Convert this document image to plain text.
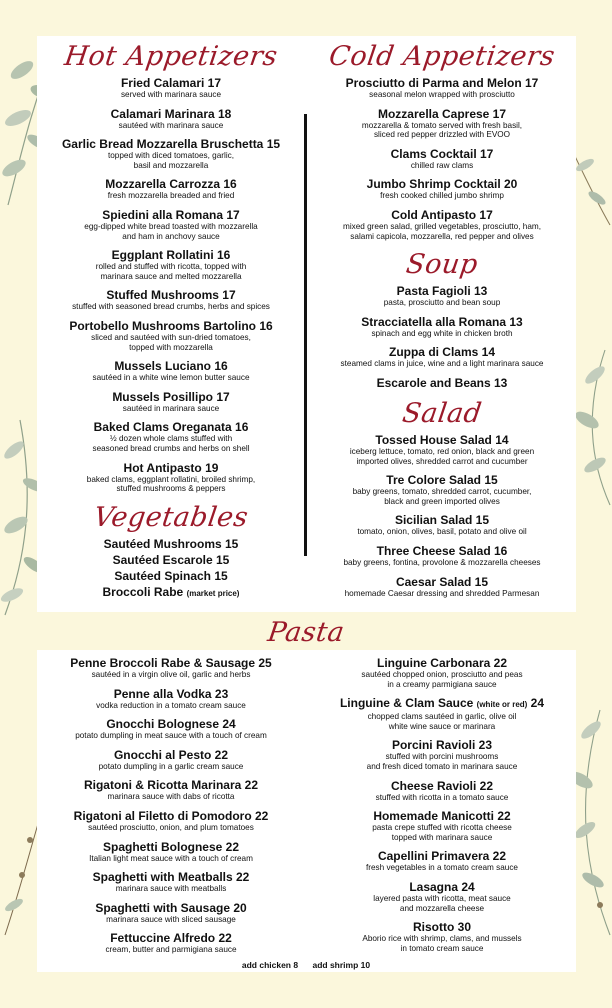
Hot Appetizers
Fried Calamari 17
served with marinara sauce
Calamari Marinara 18
sautéed with marinara sauce
Garlic Bread Mozzarella Bruschetta 15
topped with diced tomatoes, garlic,
basil and mozzarella
Mozzarella Carrozza 16
fresh mozzarella breaded and fried
Spiedini alla Romana 17
egg-dipped white bread toasted with mozzarella
and ham in anchovy sauce
Eggplant Rollatini 16
rolled and stuffed with ricotta, topped with
marinara sauce and melted mozzarella
Stuffed Mushrooms 17
stuffed with seasoned bread crumbs, herbs and spices
Portobello Mushrooms Bartolino 16
sliced and sautéed with sun-dried tomatoes,
topped with mozzarella
Mussels Luciano 16
sautéed in a white wine lemon butter sauce
Mussels Posillipo 17
sautéed in marinara sauce
Baked Clams Oreganata 16
½ dozen whole clams stuffed with
seasoned bread crumbs and herbs on shell
Hot Antipasto 19
baked clams, eggplant rollatini, broiled shrimp,
stuffed mushrooms & peppers
Vegetables
Sautéed Mushrooms 15
Sautéed Escarole 15
Sautéed Spinach 15
Broccoli Rabe (market price)
Cold Appetizers
Prosciutto di Parma and Melon 17
seasonal melon wrapped with prosciutto
Mozzarella Caprese 17
mozzarella & tomato served with fresh basil,
sliced red pepper drizzled with EVOO
Clams Cocktail 17
chilled raw clams
Jumbo Shrimp Cocktail 20
fresh cooked chilled jumbo shrimp
Cold Antipasto 17
mixed green salad, grilled vegetables, prosciutto, ham,
salami capicola, mozzarella, red pepper and olives
Soup
Pasta Fagioli 13
pasta, prosciutto and bean soup
Stracciatella alla Romana 13
spinach and egg white in chicken broth
Zuppa di Clams 14
steamed clams in juice, wine and a light marinara sauce
Escarole and Beans 13
Salad
Tossed House Salad 14
iceberg lettuce, tomato, red onion, black and green
imported olives, shredded carrot and cucumber
Tre Colore Salad 15
baby greens, tomato, shredded carrot, cucumber,
black and green imported olives
Sicilian Salad 15
tomato, onion, olives, basil, potato and olive oil
Three Cheese Salad 16
baby greens, fontina, provolone & mozzarella cheeses
Caesar Salad 15
homemade Caesar dressing and shredded Parmesan
Pasta
Penne Broccoli Rabe & Sausage 25
sautéed in a virgin olive oil, garlic and herbs
Penne alla Vodka 23
vodka reduction in a tomato cream sauce
Gnocchi Bolognese 24
potato dumpling in meat sauce with a touch of cream
Gnocchi al Pesto 22
potato dumpling in a garlic cream sauce
Rigatoni & Ricotta Marinara 22
marinara sauce with dabs of ricotta
Rigatoni al Filetto di Pomodoro 22
sautéed prosciutto, onion, and plum tomatoes
Spaghetti Bolognese 22
Italian light meat sauce with a touch of cream
Spaghetti with Meatballs 22
marinara sauce with meatballs
Spaghetti with Sausage 20
marinara sauce with sliced sausage
Fettuccine Alfredo 22
cream, butter and parmigiana sauce
Linguine Carbonara 22
sautéed chopped onion, prosciutto and peas
in a creamy parmigiana sauce
Linguine & Clam Sauce (white or red) 24
chopped clams sautéed in garlic, olive oil
white wine sauce or marinara
Porcini Ravioli 23
stuffed with porcini mushrooms
and fresh diced tomato in marinara sauce
Cheese Ravioli 22
stuffed with ricotta in a tomato sauce
Homemade Manicotti 22
pasta crepe stuffed with ricotta cheese
topped with marinara sauce
Capellini Primavera 22
fresh vegetables in a tomato cream sauce
Lasagna 24
layered pasta with ricotta, meat sauce
and mozzarella cheese
Risotto 30
Aborio rice with shrimp, clams, and mussels
in tomato cream sauce
add chicken 8 add shrimp 10
